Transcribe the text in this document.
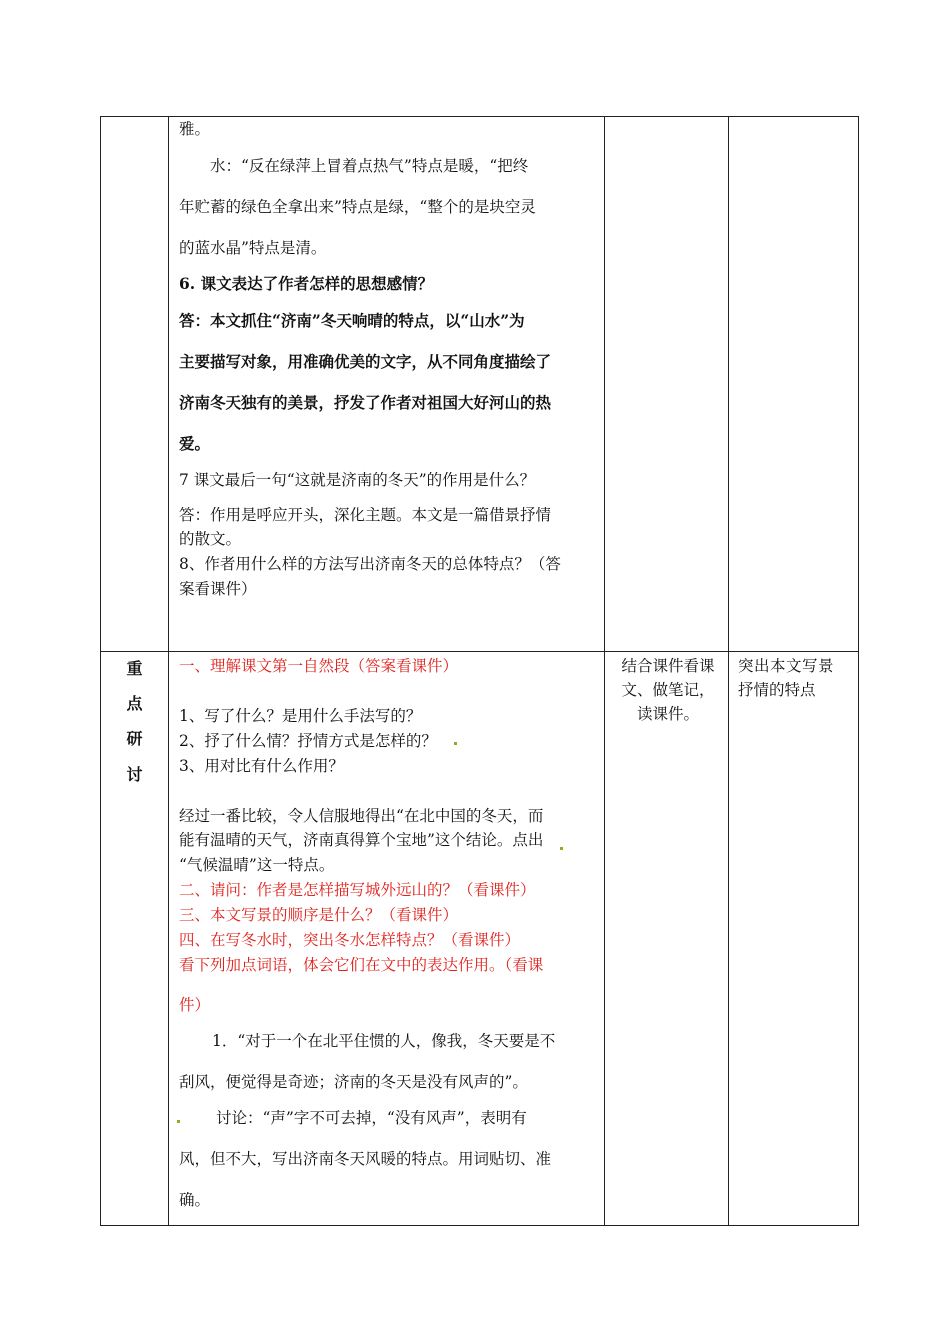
雅。

水：“反在绿萍上冒着点热气”特点是暖，“把终

年贮蓄的绿色全拿出来”特点是绿，“整个的是块空灵

的蓝水晶”特点是清。

6. 课文表达了作者怎样的思想感情？

答：本文抓住“济南”冬天响晴的特点，以“山水”为

主要描写对象，用准确优美的文字，从不同角度描绘了

济南冬天独有的美景，抒发了作者对祖国大好河山的热

爱。

7 课文最后一句“这就是济南的冬天”的作用是什么？

答：作用是呼应开头，深化主题。本文是一篇借景抒情

的散文。

8、作者用什么样的方法写出济南冬天的总体特点？（答

案看课件）

重
点
研
讨

一、理解课文第一自然段（答案看课件）

1、写了什么？是用什么手法写的？

2、抒了什么情？抒情方式是怎样的？

3、用对比有什么作用？

经过一番比较，令人信服地得出“在北中国的冬天，而

能有温晴的天气，济南真得算个宝地”这个结论。点出

“气候温晴”这一特点。

二、请问：作者是怎样描写城外远山的？（看课件）

三、本文写景的顺序是什么？（看课件）

四、在写冬水时，突出冬水怎样特点？（看课件）

看下列加点词语，体会它们在文中的表达作用。（看课

件）

1．“对于一个在北平住惯的人，像我，冬天要是不

刮风，便觉得是奇迹；济南的冬天是没有风声的”。

讨论：“声”字不可去掉，“没有风声”，表明有

风，但不大，写出济南冬天风暖的特点。用词贴切、准

确。

结合课件看课

文、做笔记，

读课件。

突出本文写景

抒情的特点
